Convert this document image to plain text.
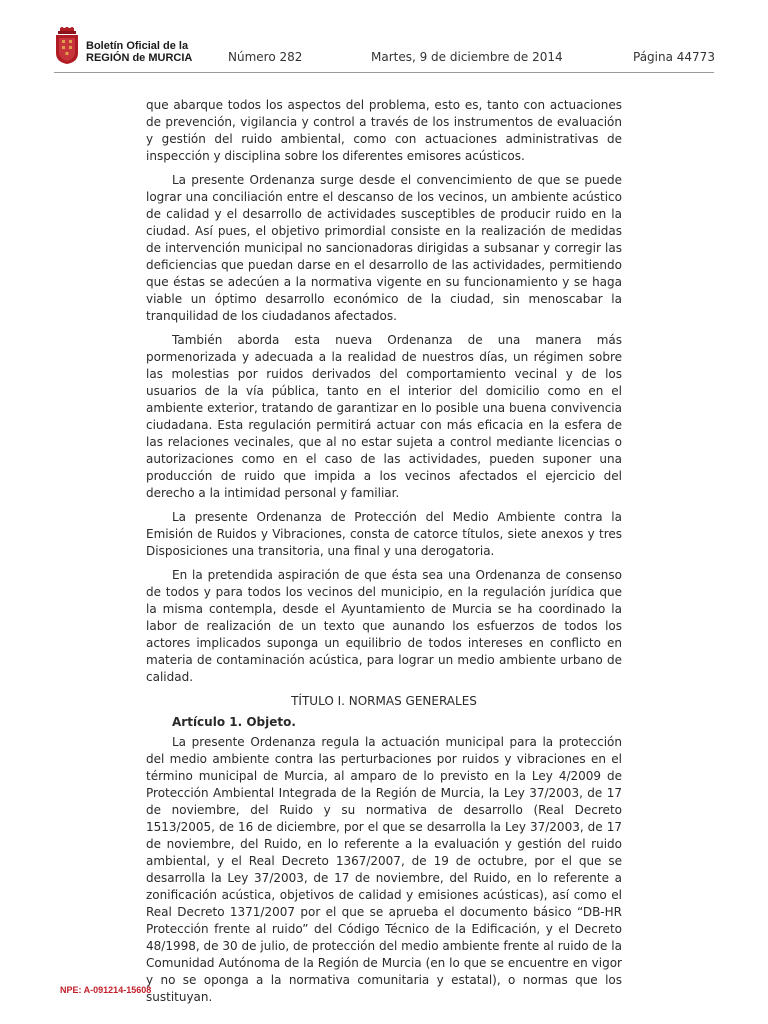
Boletín Oficial de la
REGIÓN de MURCIA	Número 282	Martes, 9 de diciembre de 2014	Página 44773

que abarque todos los aspectos del problema, esto es, tanto con actuaciones de prevención, vigilancia y control a través de los instrumentos de evaluación y gestión del ruido ambiental, como con actuaciones administrativas de inspección y disciplina sobre los diferentes emisores acústicos.

La presente Ordenanza surge desde el convencimiento de que se puede lograr una conciliación entre el descanso de los vecinos, un ambiente acústico de calidad y el desarrollo de actividades susceptibles de producir ruido en la ciudad. Así pues, el objetivo primordial consiste en la realización de medidas de intervención municipal no sancionadoras dirigidas a subsanar y corregir las deficiencias que puedan darse en el desarrollo de las actividades, permitiendo que éstas se adecúen a la normativa vigente en su funcionamiento y se haga viable un óptimo desarrollo económico de la ciudad, sin menoscabar la tranquilidad de los ciudadanos afectados.

También aborda esta nueva Ordenanza de una manera más pormenorizada y adecuada a la realidad de nuestros días, un régimen sobre las molestias por ruidos derivados del comportamiento vecinal y de los usuarios de la vía pública, tanto en el interior del domicilio como en el ambiente exterior, tratando de garantizar en lo posible una buena convivencia ciudadana. Esta regulación permitirá actuar con más eficacia en la esfera de las relaciones vecinales, que al no estar sujeta a control mediante licencias o autorizaciones como en el caso de las actividades, pueden suponer una producción de ruido que impida a los vecinos afectados el ejercicio del derecho a la intimidad personal y familiar.

La presente Ordenanza de Protección del Medio Ambiente contra la Emisión de Ruidos y Vibraciones, consta de catorce títulos, siete anexos y tres Disposiciones una transitoria, una final y una derogatoria.

En la pretendida aspiración de que ésta sea una Ordenanza de consenso de todos y para todos los vecinos del municipio, en la regulación jurídica que la misma contempla, desde el Ayuntamiento de Murcia se ha coordinado la labor de realización de un texto que aunando los esfuerzos de todos los actores implicados suponga un equilibrio de todos intereses en conflicto en materia de contaminación acústica, para lograr un medio ambiente urbano de calidad.

TÍTULO I. NORMAS GENERALES

Artículo 1. Objeto.

La presente Ordenanza regula la actuación municipal para la protección del medio ambiente contra las perturbaciones por ruidos y vibraciones en el término municipal de Murcia, al amparo de lo previsto en la Ley 4/2009 de Protección Ambiental Integrada de la Región de Murcia, la Ley 37/2003, de 17 de noviembre, del Ruido y su normativa de desarrollo (Real Decreto 1513/2005, de 16 de diciembre, por el que se desarrolla la Ley 37/2003, de 17 de noviembre, del Ruido, en lo referente a la evaluación y gestión del ruido ambiental, y el Real Decreto 1367/2007, de 19 de octubre, por el que se desarrolla la Ley 37/2003, de 17 de noviembre, del Ruido, en lo referente a zonificación acústica, objetivos de calidad y emisiones acústicas), así como el Real Decreto 1371/2007 por el que se aprueba el documento básico “DB-HR Protección frente al ruido” del Código Técnico de la Edificación, y el Decreto 48/1998, de 30 de julio, de protección del medio ambiente frente al ruido de la Comunidad Autónoma de la Región de Murcia (en lo que se encuentre en vigor y no se oponga a la normativa comunitaria y estatal), o normas que los sustituyan.

NPE: A-091214-15608
